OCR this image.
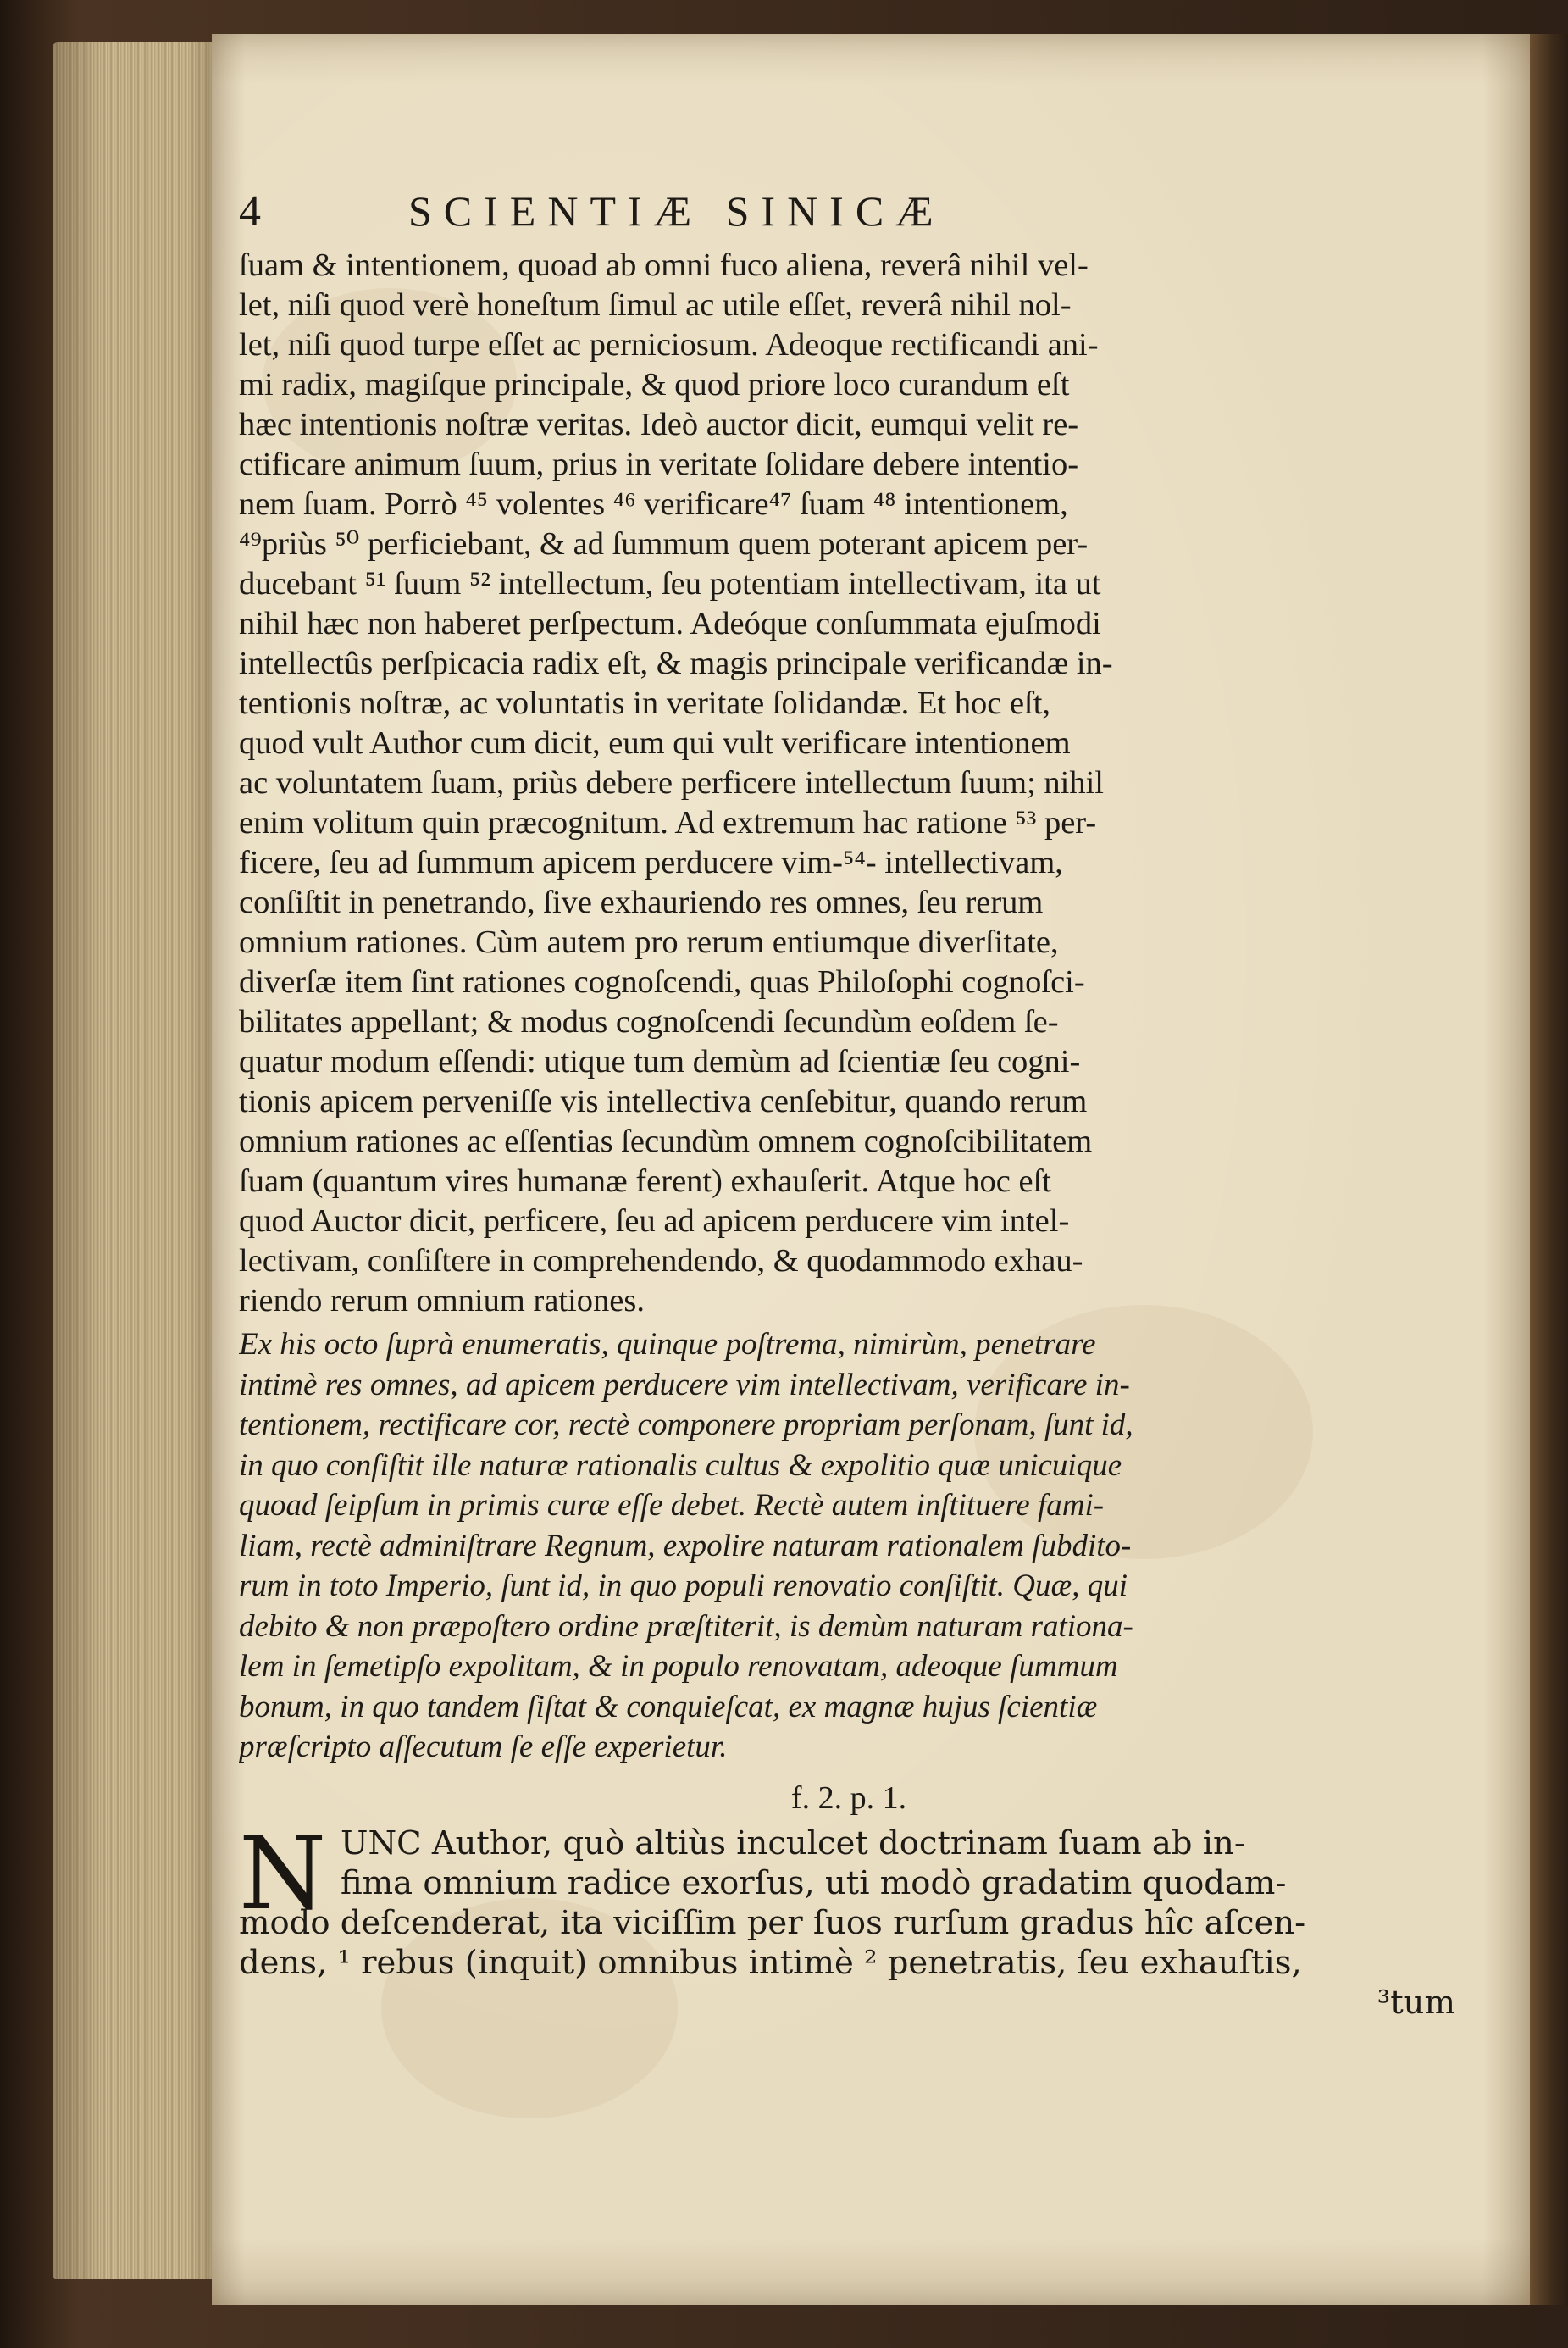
4	SCIENTIÆ SINICÆ
ſuam & intentionem, quoad ab omni fuco aliena, reverâ nihil vel-
let, niſi quod verè honeſtum ſimul ac utile eſſet, reverâ nihil nol-
let, niſi quod turpe eſſet ac perniciosum. Adeoque rectificandi ani-
mi radix, magiſque principale, & quod priore loco curandum eſt
hæc intentionis noſtræ veritas. Ideò auctor dicit, eumqui velit re-
ctificare animum ſuum, prius in veritate ſolidare debere intentio-
nem ſuam. Porrò ⁴⁵ volentes ⁴⁶ verificare⁴⁷ ſuam ⁴⁸ intentionem,
⁴⁹priùs ⁵⁰ perficiebant, & ad ſummum quem poterant apicem per-
ducebant ⁵¹ ſuum ⁵² intellectum, ſeu potentiam intellectivam, ita ut
nihil hæc non haberet perſpectum. Adeóque conſummata ejuſmodi
intellectûs perſpicacia radix eſt, & magis principale verificandæ in-
tentionis noſtræ, ac voluntatis in veritate ſolidandæ. Et hoc eſt,
quod vult Author cum dicit, eum qui vult verificare intentionem
ac voluntatem ſuam, priùs debere perficere intellectum ſuum; nihil
enim volitum quin præcognitum. Ad extremum hac ratione ⁵³ per-
ficere, ſeu ad ſummum apicem perducere vim-⁵⁴- intellectivam,
conſiſtit in penetrando, ſive exhauriendo res omnes, ſeu rerum
omnium rationes. Cùm autem pro rerum entiumque diverſitate,
diverſæ item ſint rationes cognoſcendi, quas Philoſophi cognoſci-
bilitates appellant; & modus cognoſcendi ſecundùm eoſdem ſe-
quatur modum eſſendi: utique tum demùm ad ſcientiæ ſeu cogni-
tionis apicem perveniſſe vis intellectiva cenſebitur, quando rerum
omnium rationes ac eſſentias ſecundùm omnem cognoſcibilitatem
ſuam (quantum vires humanæ ferent) exhauſerit. Atque hoc eſt
quod Auctor dicit, perficere, ſeu ad apicem perducere vim intel-
lectivam, conſiſtere in comprehendendo, & quodammodo exhau-
riendo rerum omnium rationes.
Ex his octo ſuprà enumeratis, quinque poſtrema, nimirùm, penetrare
intimè res omnes, ad apicem perducere vim intellectivam, verificare in-
tentionem, rectificare cor, rectè componere propriam perſonam, ſunt id,
in quo conſiſtit ille naturæ rationalis cultus & expolitio quæ unicuique
quoad ſeipſum in primis curæ eſſe debet. Rectè autem inſtituere fami-
liam, rectè adminiſtrare Regnum, expolire naturam rationalem ſubdito-
rum in toto Imperio, ſunt id, in quo populi renovatio conſiſtit. Quæ, qui
debito & non præpoſtero ordine præſtiterit, is demùm naturam rationa-
lem in ſemetipſo expolitam, & in populo renovatam, adeoque ſummum
bonum, in quo tandem ſiſtat & conquieſcat, ex magnæ hujus ſcientiæ
præſcripto aſſecutum ſe eſſe experietur.
f. 2. p. 1.
N UNC Author, quò altiùs inculcet doctrinam ſuam ab in-
fima omnium radice exorſus, uti modò gradatim quodam-
modo deſcenderat, ita viciſſim per ſuos rurſum gradus hîc aſcen-
dens, ¹ rebus (inquit) omnibus intimè ² penetratis, ſeu exhauſtis,
³tum
